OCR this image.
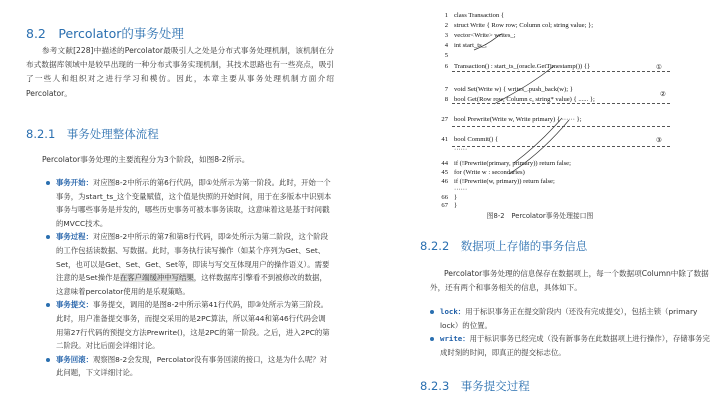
8.2　Percolator的事务处理
参考文献[228]中描述的Percolator最吸引人之处是分布式事务处理机制，该机制在分布式数据库领域中是较早出现的一种分布式事务实现机制，其技术思路也有一些亮点，吸引了一些人和组织对之进行学习和模仿。因此，本章主要从事务处理机制方面介绍Percolator。
8.2.1　事务处理整体流程
Percolator事务处理的主要流程分为3个阶段，如图8-2所示。
事务开始：对应图8-2中所示的第6行代码，即①处所示为第一阶段。此时，开始一个事务，为start_ts_这个变量赋值，这个值是快照的开始时间，用于在多版本中识别本事务与哪些事务是并发的，哪些历史事务可被本事务读取，这意味着这是基于时间戳的MVCC技术。
事务过程：对应图8-2中所示的第7和第8行代码，即②处所示为第二阶段，这个阶段的工作包括读数据、写数据。此时，事务执行读写操作（如某个序列为Get、Set、Set，也可以是Get、Set、Get、Set等，即读与写交互体现用户的操作语义）。需要注意的是Set操作是在客户端缓冲中写结果，这样数据库引擎看不到被修改的数据，这意味着percolator使用的是乐观策略。
事务提交：事务提交，调用的是图8-2中所示第41行代码，即③处所示为第三阶段。此时，用户准备提交事务，而提交采用的是2PC算法，所以第44和第46行代码会调用第27行代码的预提交方法Prewrite()，这是2PC的第一阶段。之后，进入2PC的第二阶段。对比后面会详细讨论。
事务回滚：观察图8-2会发现，Percolator没有事务回滚的接口，这是为什么呢？对此问题，下文详细讨论。
1 class Transaction {
2 struct Write { Row row; Column col; string value; };
3 vector<Write> writes_;
4 int start_ts_;
5
6 Transaction() : start_ts_(oracle.GetTimestamp()) {}
7 void Set(Write w) { writes_.push_back(w); }
8 bool Get(Row row, Column c, string* value) { ...... };
27 bool Prewrite(Write w, Write primary) { ······ };
41 bool Commit() {
······
44 if (!Prewrite(primary, primary)) return false;
45 for (Write w : secondaries)
46 if (!Prewrite(w, primary)) return false;
······
66 }
67 }
①
②
③
图8-2　Percolator事务处理接口图
8.2.2　数据项上存储的事务信息
Percolator事务处理的信息保存在数据项上，每一个数据项Column中除了数据外，还有两个和事务相关的信息，具体如下。
lock：用于标识事务正在提交阶段内（还没有完成提交），包括主锁（primary lock）的位置。
write：用于标识事务已经完成（没有新事务在此数据项上进行操作），存储事务完成时刻的时间，即真正的提交标志位。
8.2.3　事务提交过程
